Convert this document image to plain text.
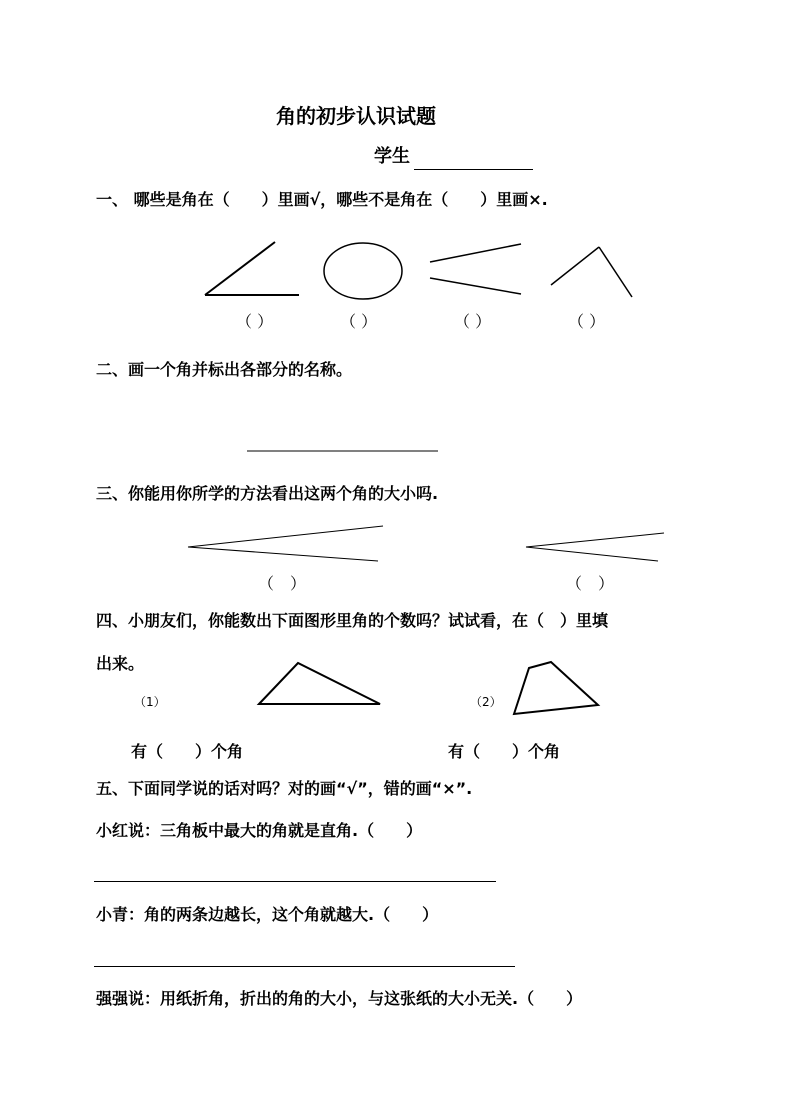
角的初步认识试题
学生
一、 哪些是角在（　　）里画√，哪些不是角在（　　）里画×.
（ ）	（ ）	（ ）	（ ）
二、画一个角并标出各部分的名称。
三、你能用你所学的方法看出这两个角的大小吗.
（　）	（　）
四、小朋友们，你能数出下面图形里角的个数吗？试试看，在（　）里填
出来。
（1）	（2）
有（　　）个角	有（　　）个角
五、下面同学说的话对吗？对的画“√”，错的画“×”.
小红说：三角板中最大的角就是直角.（　　）
小青：角的两条边越长，这个角就越大.（　　）
强强说：用纸折角，折出的角的大小，与这张纸的大小无关.（　　）
